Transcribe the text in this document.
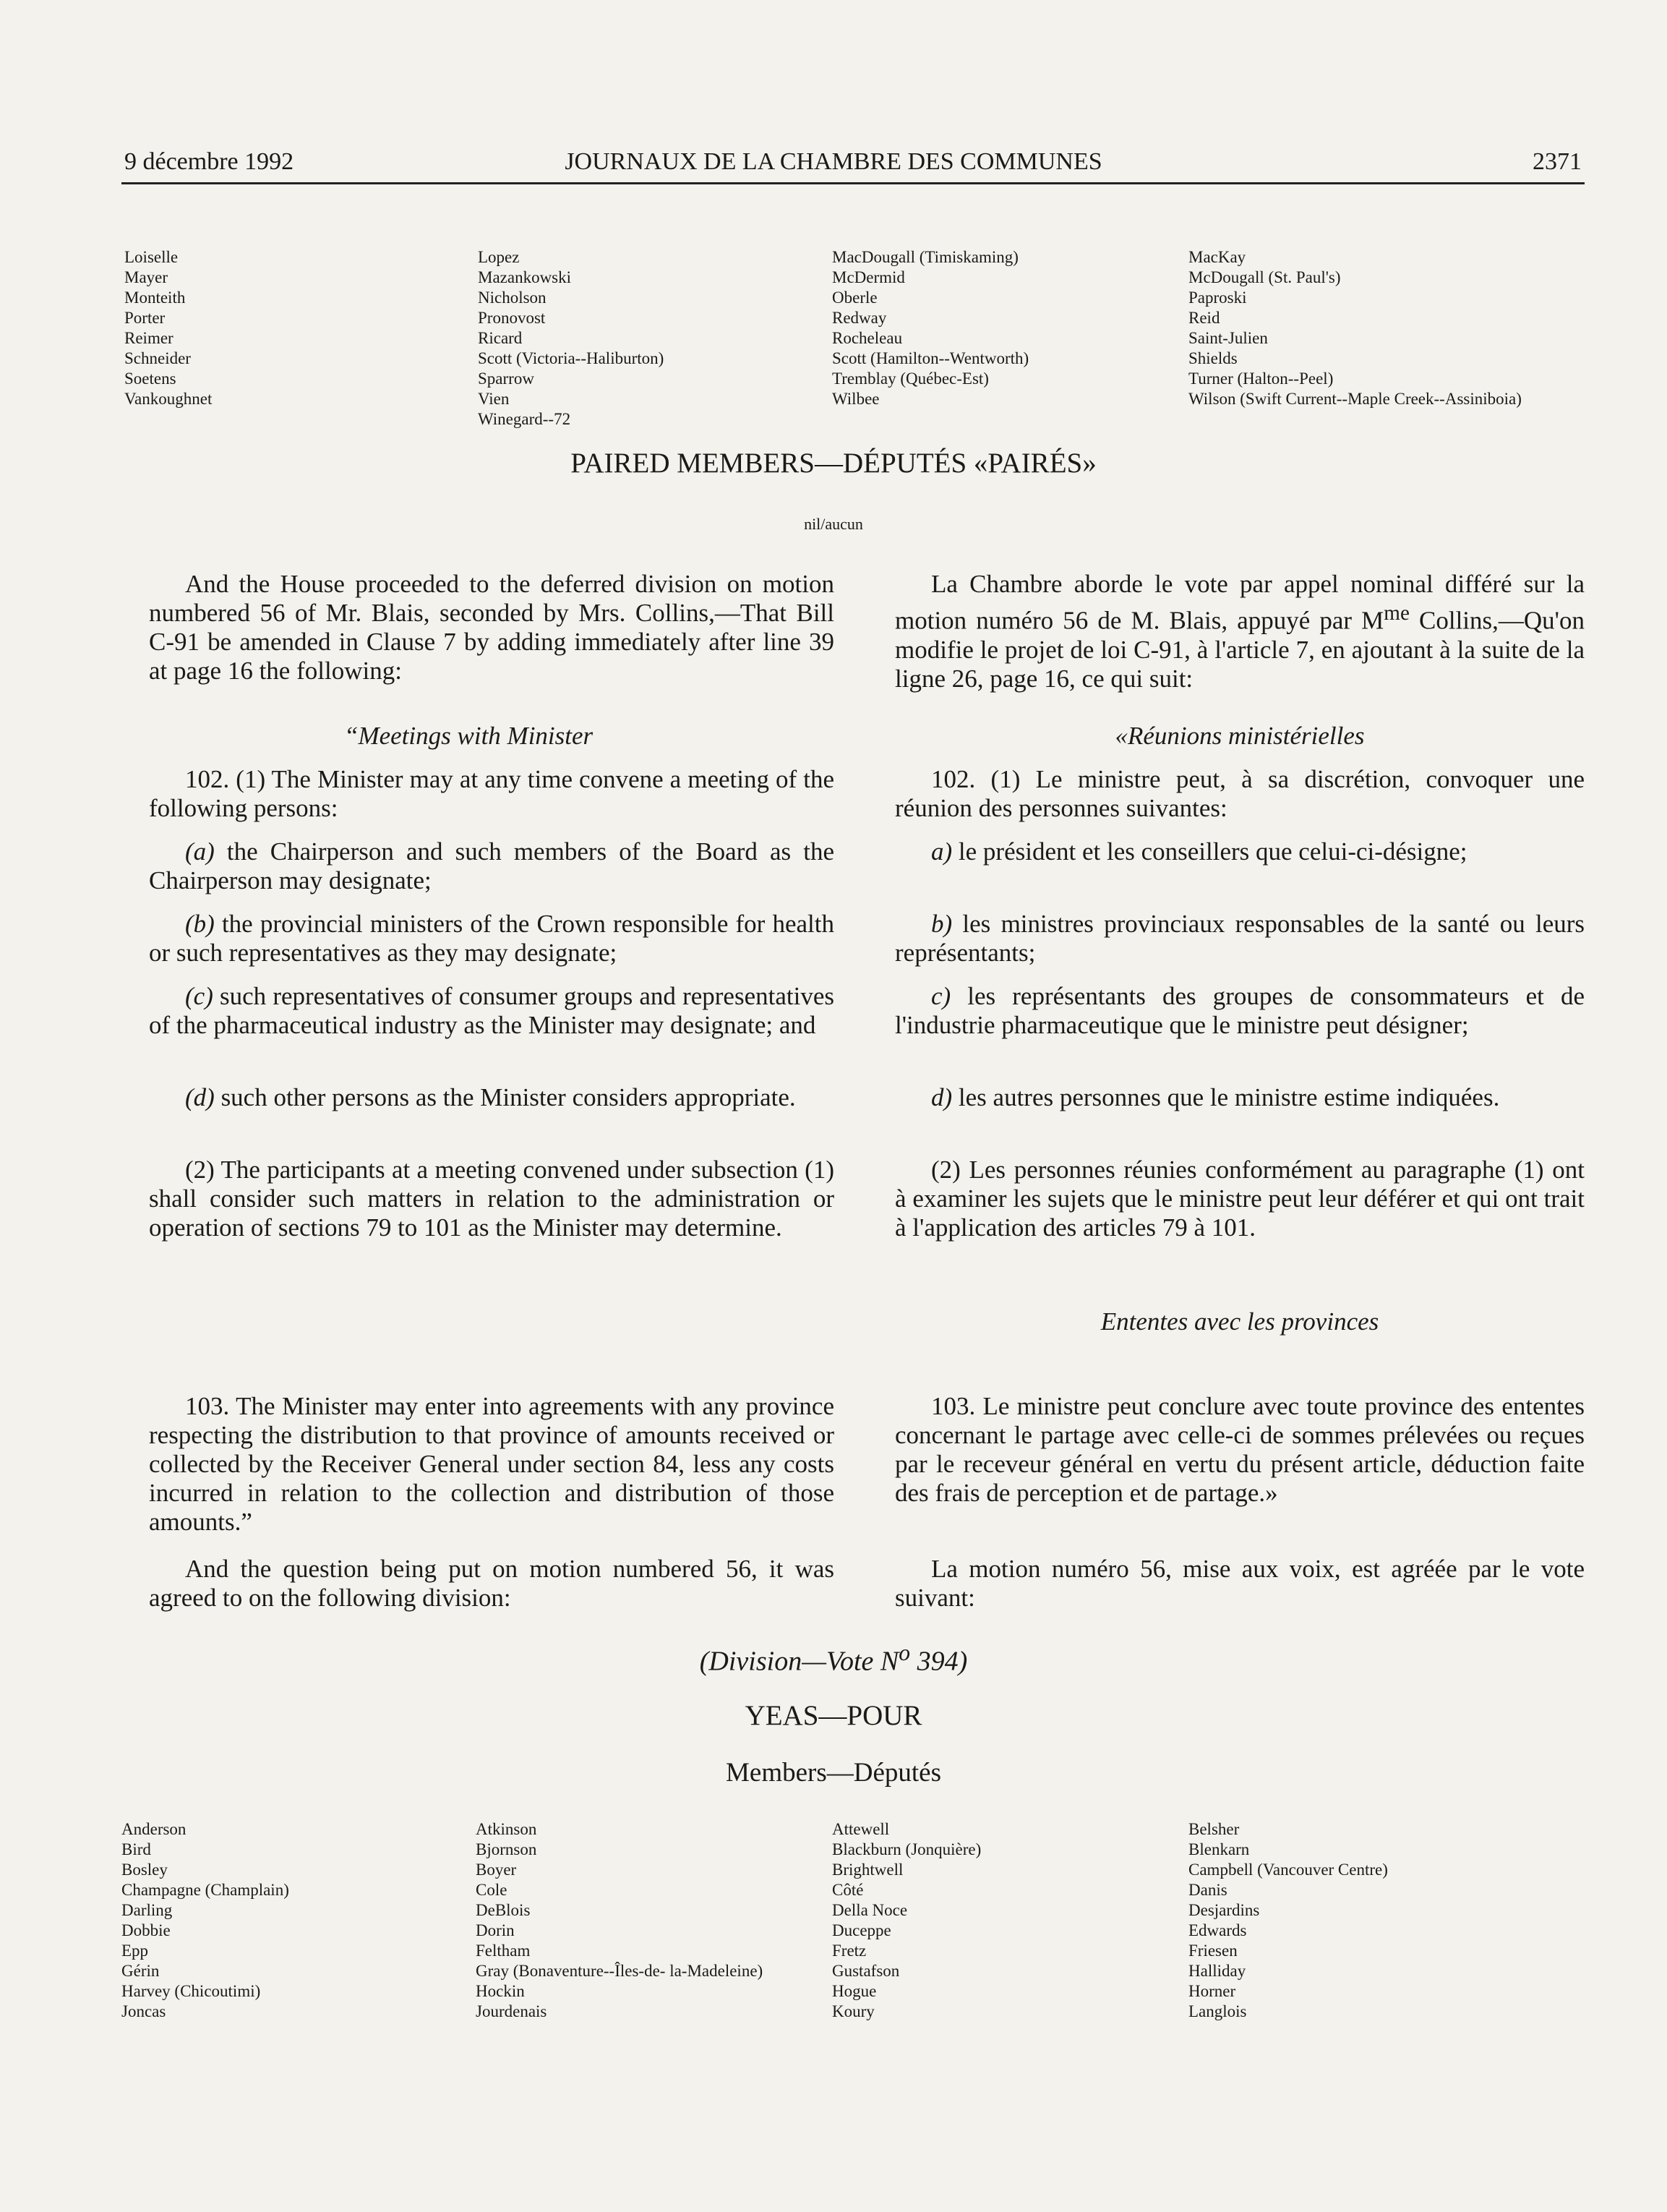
JOURNAUX DE LA CHAMBRE DES COMMUNES
9 décembre 1992	2371
Loiselle
Mayer
Monteith
Porter
Reimer
Schneider
Soetens
Vankoughnet
Lopez
Mazankowski
Nicholson
Pronovost
Ricard
Scott (Victoria--Haliburton)
Sparrow
Vien
Winegard--72
MacDougall (Timiskaming)
McDermid
Oberle
Redway
Rocheleau
Scott (Hamilton--Wentworth)
Tremblay (Québec-Est)
Wilbee
MacKay
McDougall (St. Paul's)
Paproski
Reid
Saint-Julien
Shields
Turner (Halton--Peel)
Wilson (Swift Current--Maple Creek--Assiniboia)
PAIRED MEMBERS—DÉPUTÉS «PAIRÉS»
nil/aucun

And the House proceeded to the deferred division on motion numbered 56 of Mr. Blais, seconded by Mrs. Collins,—That Bill C-91 be amended in Clause 7 by adding immediately after line 39 at page 16 the following:

“Meetings with Minister

102. (1) The Minister may at any time convene a meeting of the following persons:

(a) the Chairperson and such members of the Board as the Chairperson may designate;

(b) the provincial ministers of the Crown responsible for health or such representatives as they may designate;

(c) such representatives of consumer groups and representatives of the pharmaceutical industry as the Minister may designate; and

(d) such other persons as the Minister considers appropriate.

(2) The participants at a meeting convened under subsection (1) shall consider such matters in relation to the administration or operation of sections 79 to 101 as the Minister may determine.

103. The Minister may enter into agreements with any province respecting the distribution to that province of amounts received or collected by the Receiver General under section 84, less any costs incurred in relation to the collection and distribution of those amounts.”

And the question being put on motion numbered 56, it was agreed to on the following division:

La Chambre aborde le vote par appel nominal différé sur la motion numéro 56 de M. Blais, appuyé par $M^{me}$ Collins,—Qu'on modifie le projet de loi C-91, à l'article 7, en ajoutant à la suite de la ligne 26, page 16, ce qui suit:

«Réunions ministérielles

102. (1) Le ministre peut, à sa discrétion, convoquer une réunion des personnes suivantes:

a) le président et les conseillers que celui-ci-désigne;

b) les ministres provinciaux responsables de la santé ou leurs représentants;

c) les représentants des groupes de consommateurs et de l'industrie pharmaceutique que le ministre peut désigner;

d) les autres personnes que le ministre estime indiquées.

(2) Les personnes réunies conformément au paragraphe (1) ont à examiner les sujets que le ministre peut leur déférer et qui ont trait à l'application des articles 79 à 101.

Ententes avec les provinces

103. Le ministre peut conclure avec toute province des ententes concernant le partage avec celle-ci de sommes prélevées ou reçues par le receveur général en vertu du présent article, déduction faite des frais de perception et de partage.»

La motion numéro 56, mise aux voix, est agréée par le vote suivant:

(Division—Vote $N^o$ 394)
YEAS—POUR
Members—Députés
Anderson
Bird
Bosley
Champagne (Champlain)
Darling
Dobbie
Epp
Gérin
Harvey (Chicoutimi)
Joncas
Atkinson
Bjornson
Boyer
Cole
DeBlois
Dorin
Feltham
Gray (Bonaventure--Îles-de- la-Madeleine)
Hockin
Jourdenais
Attewell
Blackburn (Jonquière)
Brightwell
Côté
Della Noce
Duceppe
Fretz
Gustafson
Hogue
Koury
Belsher
Blenkarn
Campbell (Vancouver Centre)
Danis
Desjardins
Edwards
Friesen
Halliday
Horner
Langlois
